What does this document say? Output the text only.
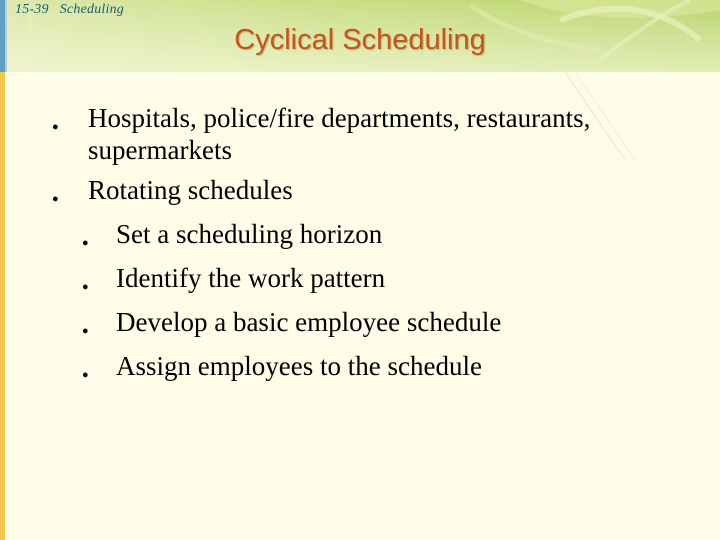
15-39 Scheduling
Cyclical Scheduling
● Hospitals, police/fire departments, restaurants, supermarkets
● Rotating schedules
● Set a scheduling horizon
● Identify the work pattern
● Develop a basic employee schedule
● Assign employees to the schedule
